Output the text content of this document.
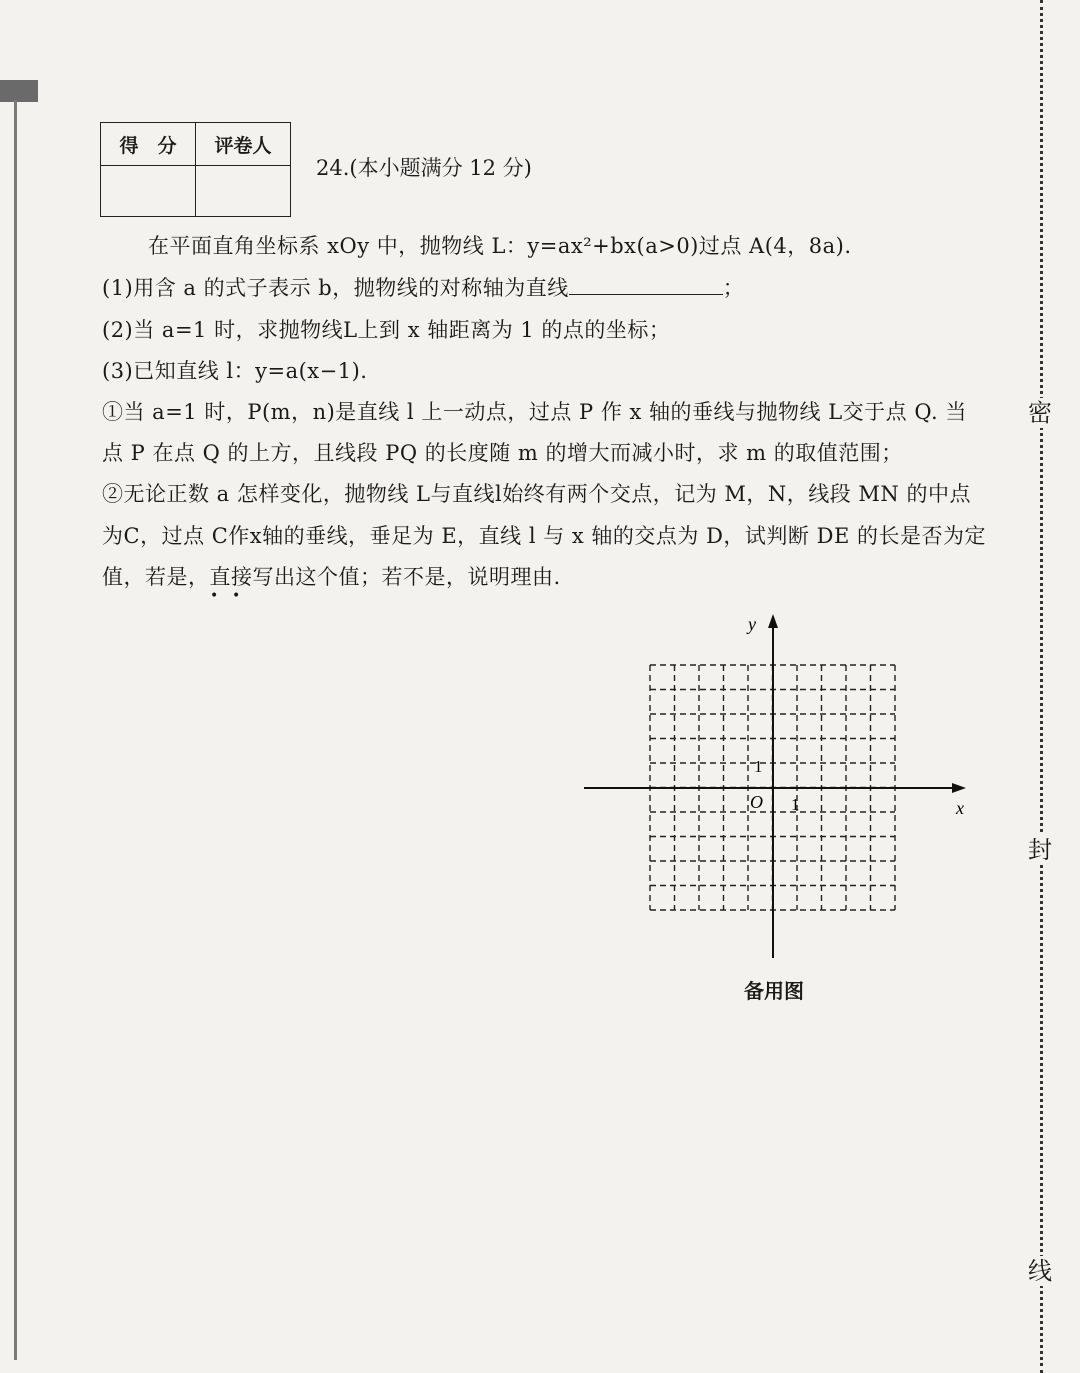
密
封
线
得　分	评卷人

24.(本小题满分 12 分)
在平面直角坐标系 xOy 中，抛物线 L：y=ax²+bx(a>0)过点 A(4，8a).
(1)用含 a 的式子表示 b，抛物线的对称轴为直线	；
(2)当 a=1 时，求抛物线L上到 x 轴距离为 1 的点的坐标；
(3)已知直线 l：y=a(x−1).
①当 a=1 时，P(m，n)是直线 l 上一动点，过点 P 作 x 轴的垂线与抛物线 L交于点 Q. 当
点 P 在点 Q 的上方，且线段 PQ 的长度随 m 的增大而减小时，求 m 的取值范围；
②无论正数 a 怎样变化，抛物线 L与直线l始终有两个交点，记为 M，N，线段 MN 的中点
为C，过点 C作x轴的垂线，垂足为 E，直线 l 与 x 轴的交点为 D，试判断 DE 的长是否为定
值，若是，直接写出这个值；若不是，说明理由.
• •
x
y
O 1
1
备用图
